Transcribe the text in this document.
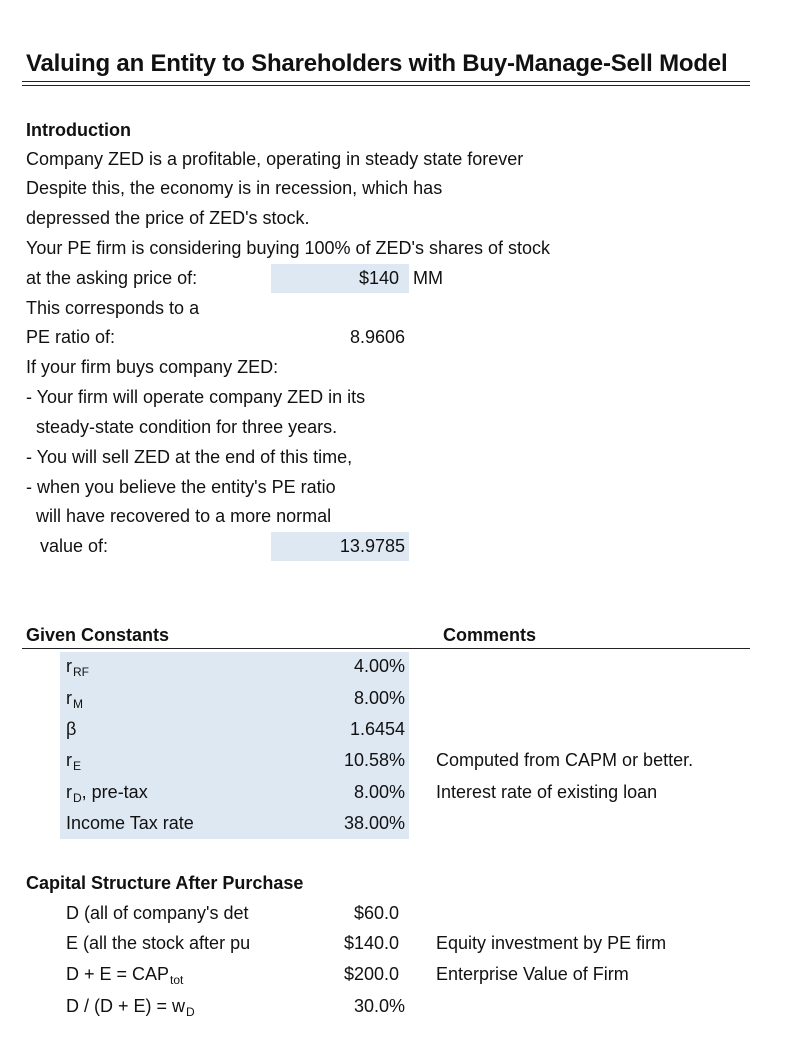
Valuing an Entity to Shareholders with Buy-Manage-Sell Model
Introduction
Company ZED is a profitable, operating in steady state forever
Despite this, the economy is in recession, which has
depressed the price of ZED's stock.
Your PE firm is considering buying 100% of ZED's shares of stock
at the asking price of:	$140 MM
This corresponds to a
PE ratio of:	8.9606
If your firm buys company ZED:
- Your firm will operate company ZED in its
steady-state condition for three years.
- when you believe the entity's PE ratio
- You will sell ZED at the end of this time,
will have recovered to a more normal
value of:	13.9785
Given Constants	Comments
$r_{RF}$	4.00%
$r_M$	8.00%
β	1.6454
$r_E$	10.58% Computed from CAPM or better.
$r_D$, pre-tax	8.00% Interest rate of existing loan
Income Tax rate	38.00%
Capital Structure After Purchase
D (all of company's det	$60.0
E (all the stock after pu	$140.0 Equity investment by PE firm
$D + E = CAP_{tot}$	$200.0 Enterprise Value of Firm
$D / (D + E) = w_D$	30.0%
